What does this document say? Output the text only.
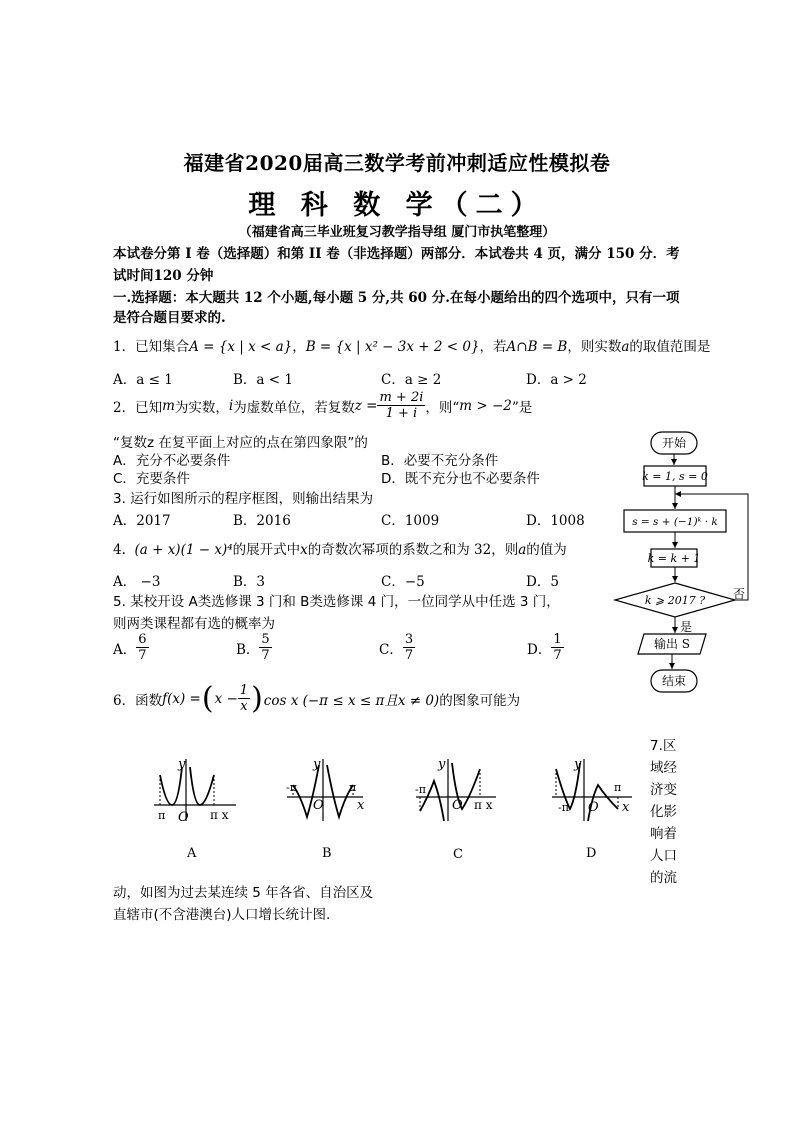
福建省2020届高三数学考前冲刺适应性模拟卷
理 科 数 学（二）
（福建省高三毕业班复习教学指导组 厦门市执笔整理）
本试卷分第 I 卷（选择题）和第 II 卷（非选择题）两部分．本试卷共 4 页，满分 150 分．考
试时间120 分钟
一.选择题：本大题共 12 个小题,每小题 5 分,共 60 分.在每小题给出的四个选项中，只有一项
是符合题目要求的.
1．已知集合A = {x | x < a}，B = {x | x² − 3x + 2 < 0}，若A∩B = B，则实数a的取值范围是
A．a ≤ 1	B．a < 1	C．a ≥ 2	D．a > 2
2．已知 m 为实数， i 为虚数单位，若复数 $z = \frac{m + 2i}{1 + i}$ ，则“ m > −2 ”是
“复数z 在复平面上对应的点在第四象限”的
A．充分不必要条件	B．必要不充分条件
C．充要条件	D．既不充分也不必要条件
3. 运行如图所示的程序框图，则输出结果为
A．2017	B．2016	C．1009	D．1008
4. (a + x)(1 − x)⁴的展开式中x的奇数次幂项的系数之和为 32，则a的值为
A． −3	B．3	C．−5	D．5
5. 某校开设 A类选修课 3 门和 B类选修课 4 门，一位同学从中任选 3 门，
则两类课程都有选的概率为
A． $\frac{6}{7}$	B． $\frac{5}{7}$	C． $\frac{3}{7}$	D． $\frac{1}{7}$
6．函数 f(x) = ( $x - \frac{1}{x}$ ) cos x (−π ≤ x ≤ π且x ≠ 0) 的图象可能为
y
π O π x
A
y
-π
O
π
x
B
y
-π
O π x
C
y
-π O
π
x
D
7.区域经济变化影响着人口的流
动，如图为过去某连续 5 年各省、自治区及
直辖市(不含港澳台)人口增长统计图.
开始
k = 1, s = 0
s = s + (−1)ᵏ · k
k = k + 1
k ⩾ 2017 ? 否
是
输出 S
结束
